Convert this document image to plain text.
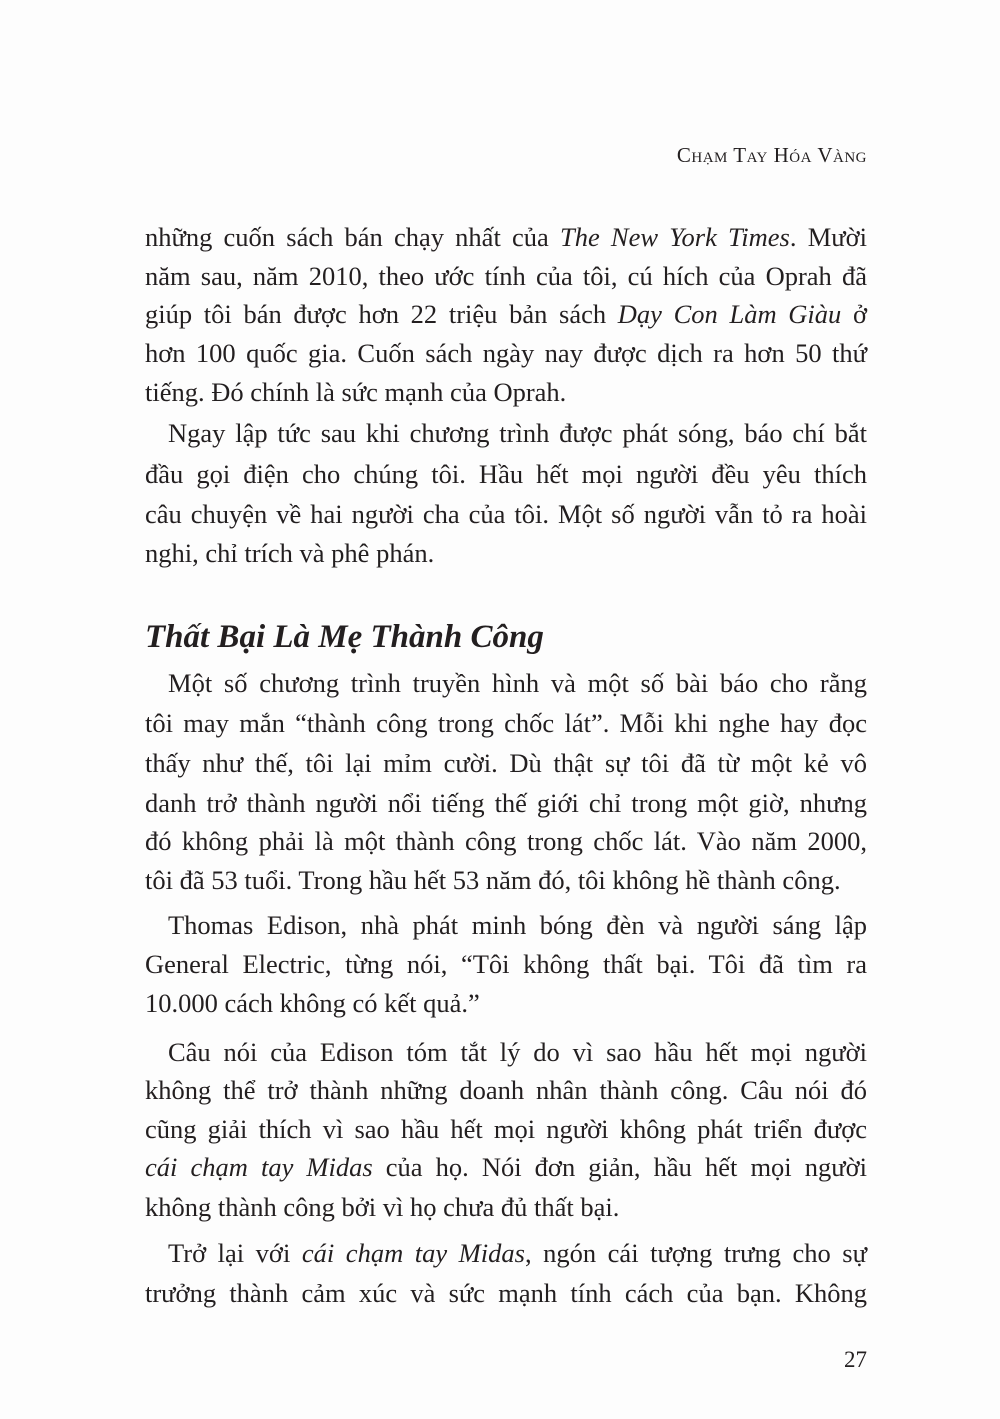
Chạm Tay Hóa Vàng
những cuốn sách bán chạy nhất của The New York Times. Mười
năm sau, năm 2010, theo ước tính của tôi, cú hích của Oprah đã
giúp tôi bán được hơn 22 triệu bản sách Dạy Con Làm Giàu ở
hơn 100 quốc gia. Cuốn sách ngày nay được dịch ra hơn 50 thứ
tiếng. Đó chính là sức mạnh của Oprah.
Ngay lập tức sau khi chương trình được phát sóng, báo chí bắt
đầu gọi điện cho chúng tôi. Hầu hết mọi người đều yêu thích
câu chuyện về hai người cha của tôi. Một số người vẫn tỏ ra hoài
nghi, chỉ trích và phê phán.
Thất Bại Là Mẹ Thành Công
Một số chương trình truyền hình và một số bài báo cho rằng
tôi may mắn “thành công trong chốc lát”. Mỗi khi nghe hay đọc
thấy như thế, tôi lại mỉm cười. Dù thật sự tôi đã từ một kẻ vô
danh trở thành người nổi tiếng thế giới chỉ trong một giờ, nhưng
đó không phải là một thành công trong chốc lát. Vào năm 2000,
tôi đã 53 tuổi. Trong hầu hết 53 năm đó, tôi không hề thành công.
Thomas Edison, nhà phát minh bóng đèn và người sáng lập
General Electric, từng nói, “Tôi không thất bại. Tôi đã tìm ra
10.000 cách không có kết quả.”
Câu nói của Edison tóm tắt lý do vì sao hầu hết mọi người
không thể trở thành những doanh nhân thành công. Câu nói đó
cũng giải thích vì sao hầu hết mọi người không phát triển được
cái chạm tay Midas của họ. Nói đơn giản, hầu hết mọi người
không thành công bởi vì họ chưa đủ thất bại.
Trở lại với cái chạm tay Midas, ngón cái tượng trưng cho sự
trưởng thành cảm xúc và sức mạnh tính cách của bạn. Không
27
